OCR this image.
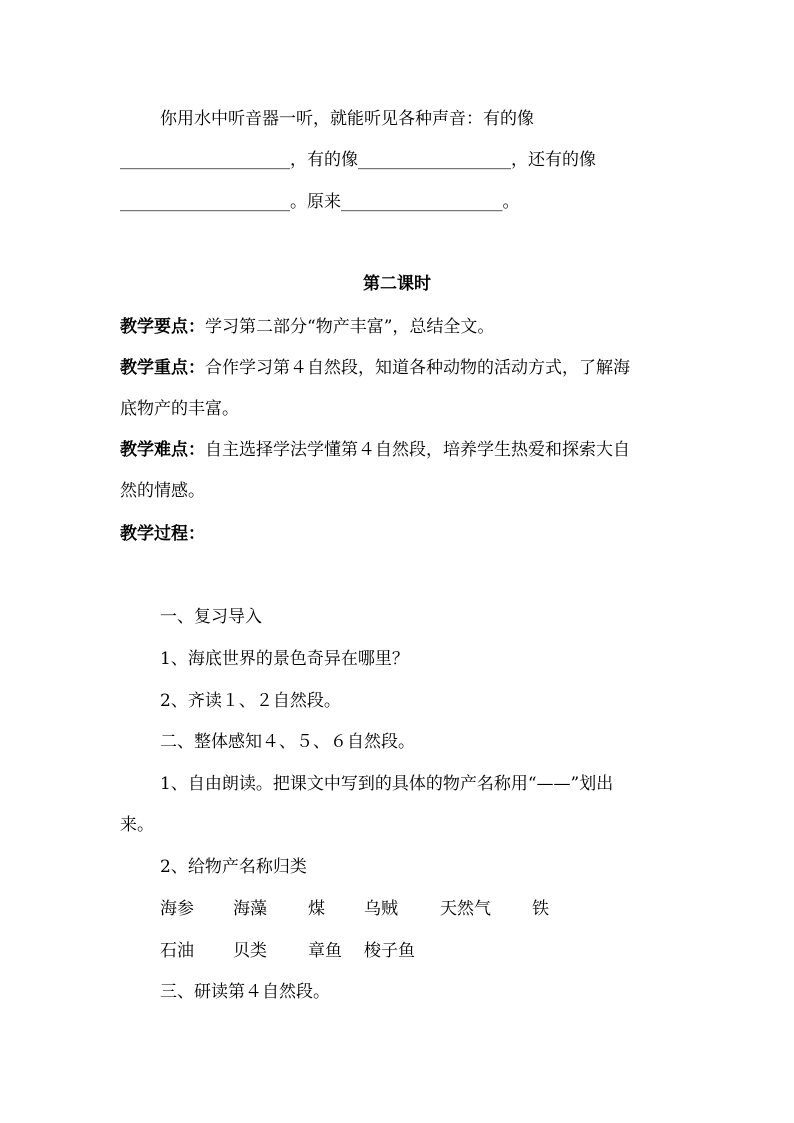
你用水中听音器一听，就能听见各种声音：有的像
____________________，有的像__________________，还有的像
____________________。原来___________________。
第二课时
教学要点：学习第二部分“物产丰富”，总结全文。
教学重点：合作学习第４自然段，知道各种动物的活动方式，了解海
底物产的丰富。
教学难点：自主选择学法学懂第４自然段，培养学生热爱和探索大自
然的情感。
教学过程：
一、复习导入
1、海底世界的景色奇异在哪里？
2、齐读１、２自然段。
二、整体感知４、５、６自然段。
1、自由朗读。把课文中写到的具体的物产名称用“——”划出
来。
2、给物产名称归类
海参 海藻 煤 乌贼 天然气 铁
石油 贝类 章鱼 梭子鱼
三、研读第４自然段。
